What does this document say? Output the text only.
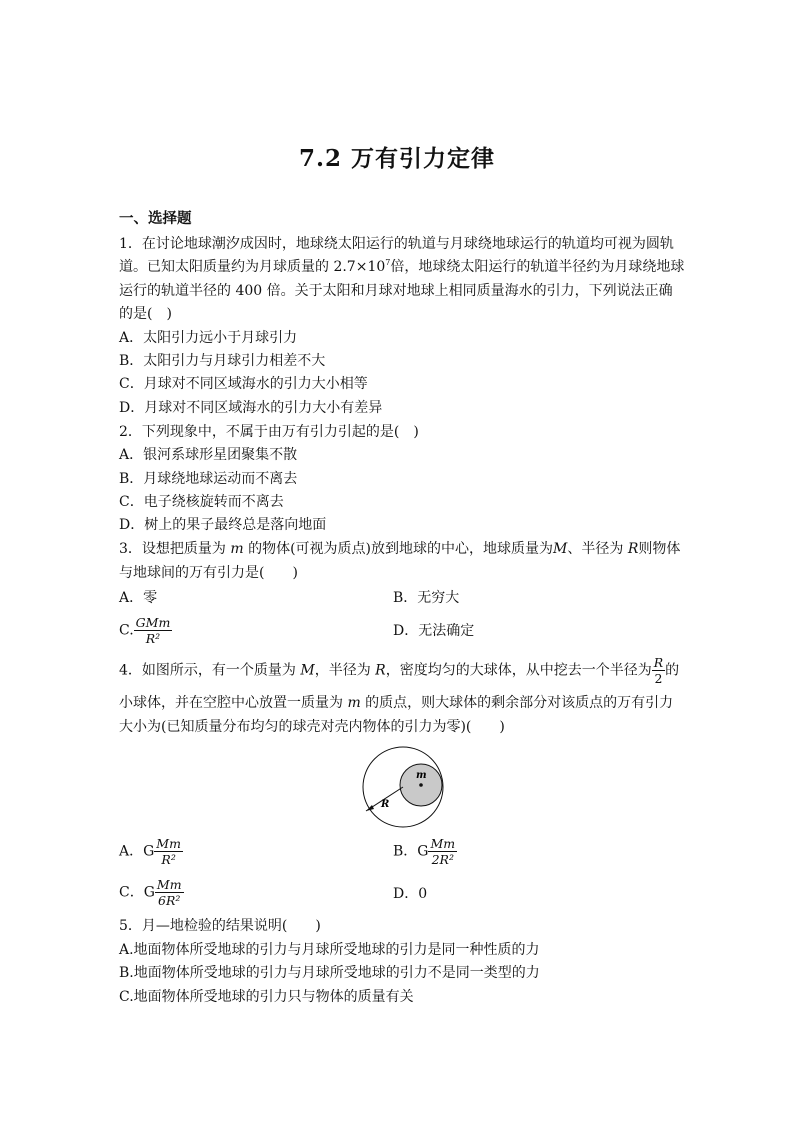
7.2 万有引力定律
一、选择题
1．在讨论地球潮汐成因时，地球绕太阳运行的轨道与月球绕地球运行的轨道均可视为圆轨
道。已知太阳质量约为月球质量的 $2.7\times 10^7$倍，地球绕太阳运行的轨道半径约为月球绕地球
运行的轨道半径的 400 倍。关于太阳和月球对地球上相同质量海水的引力，下列说法正确
的是(　)
A．太阳引力远小于月球引力
B．太阳引力与月球引力相差不大
C．月球对不同区域海水的引力大小相等
D．月球对不同区域海水的引力大小有差异
2．下列现象中，不属于由万有引力引起的是(　)
A．银河系球形星团聚集不散
B．月球绕地球运动而不离去
C．电子绕核旋转而不离去
D．树上的果子最终总是落向地面
3．设想把质量为 m 的物体(可视为质点)放到地球的中心，地球质量为M、半径为 R则物体
与地球间的万有引力是(　　)
A．零	B．无穷大
C. $\frac{\text{GMm}}{\text{R²}}$	D．无法确定
4．如图所示，有一个质量为 M，半径为 R，密度均匀的大球体，从中挖去一个半径为 $\frac{R}{2}$ 的
小球体，并在空腔中心放置一质量为 m 的质点，则大球体的剩余部分对该质点的万有引力
大小为(已知质量分布均匀的球壳对壳内物体的引力为零)(　　)
m
R
A．G $\frac{Mm}{\text{R²}}$	B．G $\frac{Mm}{\text{2R²}}$
C．G $\frac{Mm}{\text{6R²}}$	D．0
5．月—地检验的结果说明(　　)
A.地面物体所受地球的引力与月球所受地球的引力是同一种性质的力
B.地面物体所受地球的引力与月球所受地球的引力不是同一类型的力
C.地面物体所受地球的引力只与物体的质量有关
